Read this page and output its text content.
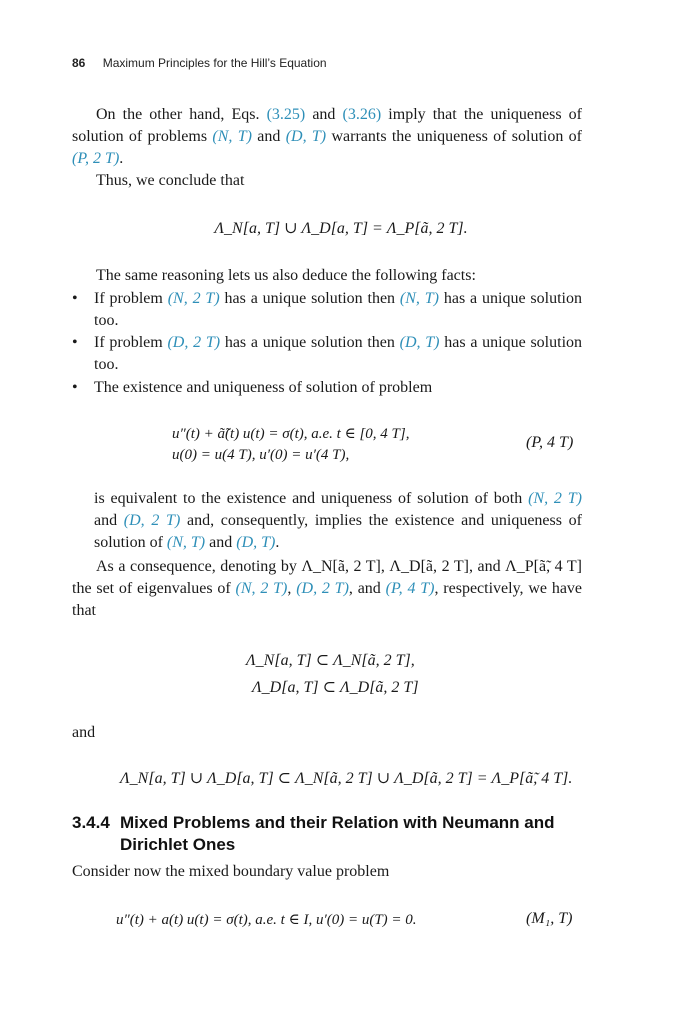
86 Maximum Principles for the Hill’s Equation
On the other hand, Eqs. (3.25) and (3.26) imply that the uniqueness of solution of problems (N, T) and (D, T) warrants the uniqueness of solution of (P, 2 T).
Thus, we conclude that
Λ_N[a, T] ∪ Λ_D[a, T] = Λ_P[ã, 2 T].
The same reasoning lets us also deduce the following facts:
• If problem (N, 2 T) has a unique solution then (N, T) has a unique solution too.
• If problem (D, 2 T) has a unique solution then (D, T) has a unique solution too.
• The existence and uniqueness of solution of problem
u″(t) + ã̃(t) u(t) = σ(t), a.e. t ∈ [0, 4 T],
u(0) = u(4 T), u′(0) = u′(4 T),
(P, 4 T)
is equivalent to the existence and uniqueness of solution of both (N, 2 T) and (D, 2 T) and, consequently, implies the existence and uniqueness of solution of (N, T) and (D, T).
As a consequence, denoting by Λ_N[ã, 2 T], Λ_D[ã, 2 T], and Λ_P[ã̃, 4 T] the set of eigenvalues of (N, 2 T), (D, 2 T), and (P, 4 T), respectively, we have that
Λ_N[a, T] ⊂ Λ_N[ã, 2 T],
Λ_D[a, T] ⊂ Λ_D[ã, 2 T]
and
Λ_N[a, T] ∪ Λ_D[a, T] ⊂ Λ_N[ã, 2 T] ∪ Λ_D[ã, 2 T] = Λ_P[ã̃, 4 T].
3.4.4 Mixed Problems and their Relation with Neumann and
Dirichlet Ones
Consider now the mixed boundary value problem
u″(t) + a(t) u(t) = σ(t), a.e. t ∈ I, u′(0) = u(T) = 0.	(M₁, T)
